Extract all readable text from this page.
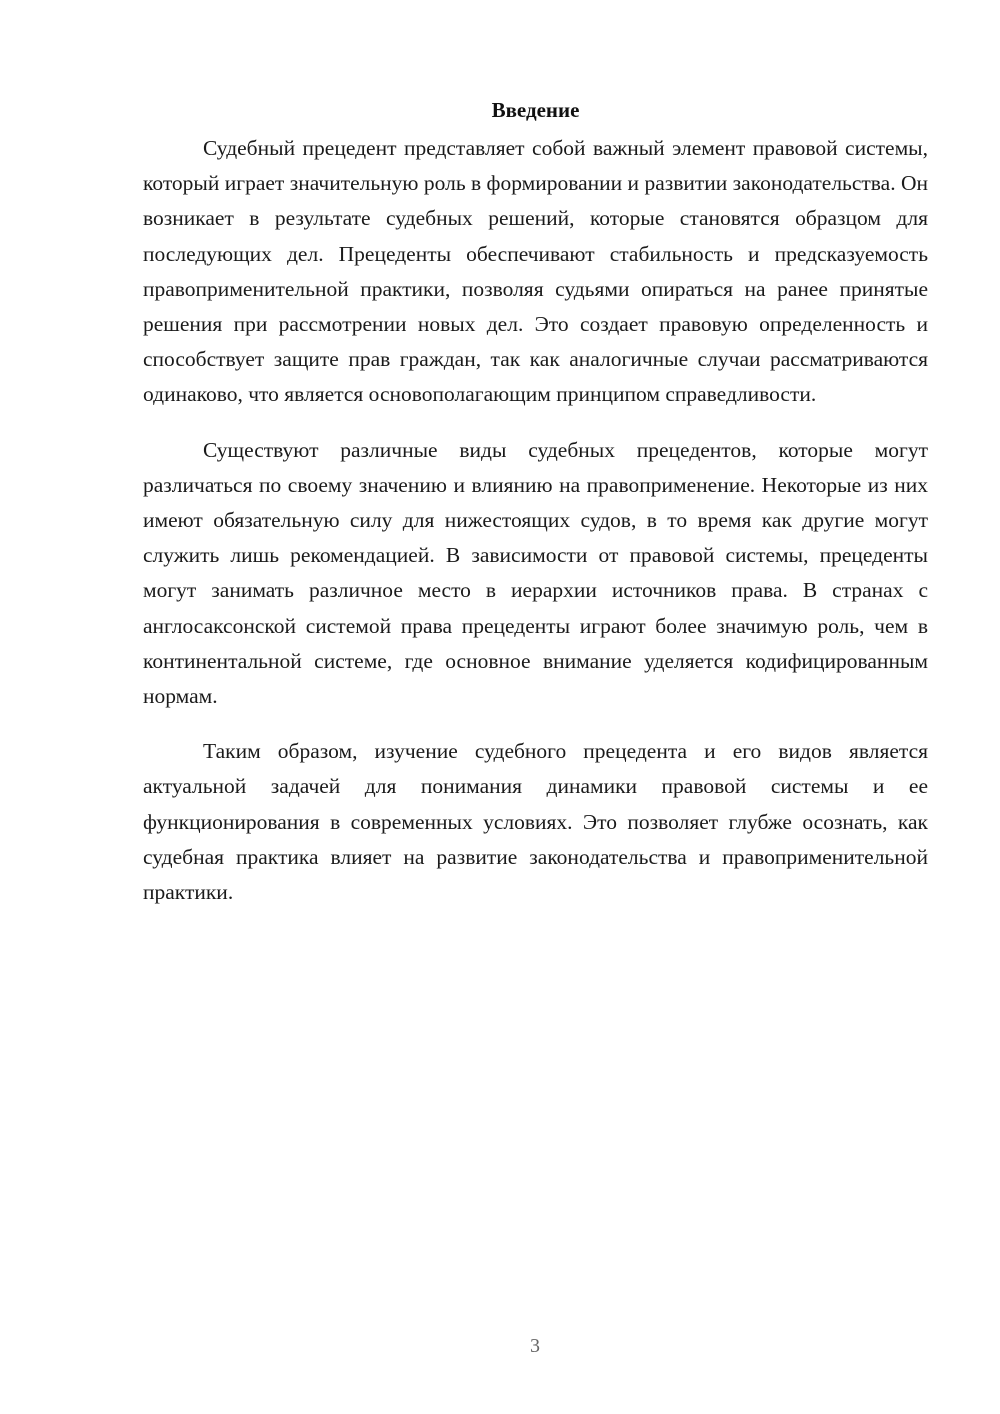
Введение

Судебный прецедент представляет собой важный элемент правовой системы, который играет значительную роль в формировании и развитии законодательства. Он возникает в результате судебных решений, которые становятся образцом для последующих дел. Прецеденты обеспечивают стабильность и предсказуемость правоприменительной практики, позволяя судьями опираться на ранее принятые решения при рассмотрении новых дел. Это создает правовую определенность и способствует защите прав граждан, так как аналогичные случаи рассматриваются одинаково, что является основополагающим принципом справедливости.

Существуют различные виды судебных прецедентов, которые могут различаться по своему значению и влиянию на правоприменение. Некоторые из них имеют обязательную силу для нижестоящих судов, в то время как другие могут служить лишь рекомендацией. В зависимости от правовой системы, прецеденты могут занимать различное место в иерархии источников права. В странах с англосаксонской системой права прецеденты играют более значимую роль, чем в континентальной системе, где основное внимание уделяется кодифицированным нормам.

Таким образом, изучение судебного прецедента и его видов является актуальной задачей для понимания динамики правовой системы и ее функционирования в современных условиях. Это позволяет глубже осознать, как судебная практика влияет на развитие законодательства и правоприменительной практики.

3
